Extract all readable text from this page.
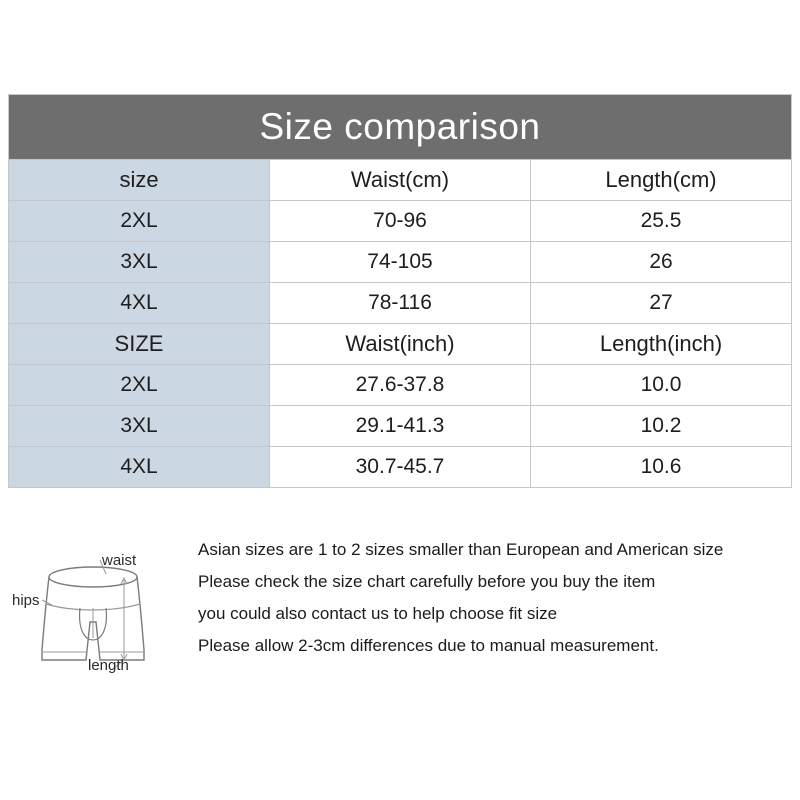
Size comparison		
size	Waist(cm)	Length(cm)
2XL	70-96	25.5
3XL	74-105	26
4XL	78-116	27
SIZE	Waist(inch)	Length(inch)
2XL	27.6-37.8	10.0
3XL	29.1-41.3	10.2
4XL	30.7-45.7	10.6
waist
hips
length

Asian sizes are 1 to 2 sizes smaller than European and American size

Please check the size chart carefully before you buy the item

you could also contact us to help choose fit size

Please allow 2-3cm differences due to manual measurement.
